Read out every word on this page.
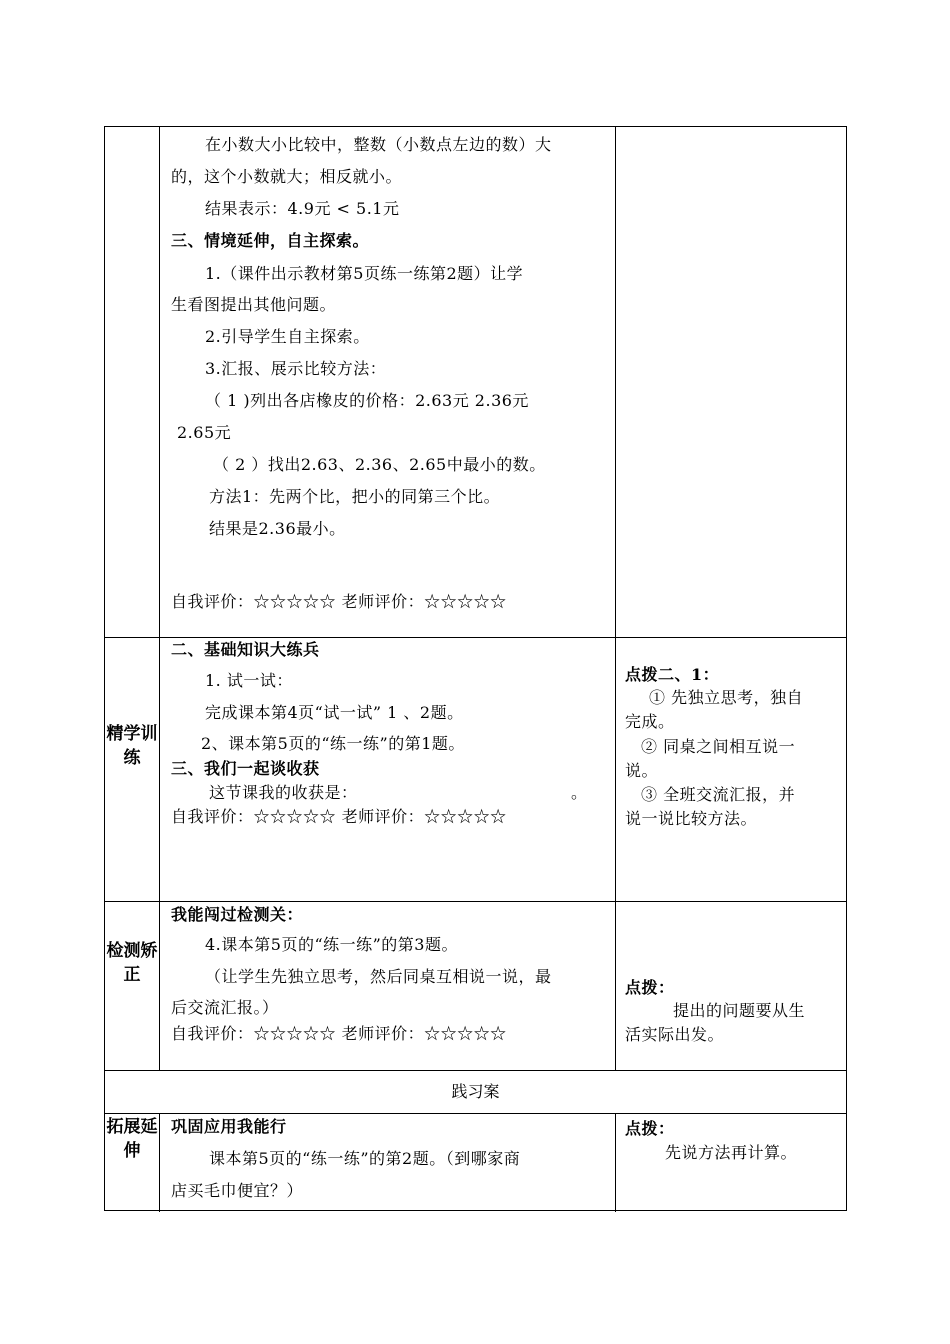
在小数大小比较中，整数（小数点左边的数）大
的，这个小数就大；相反就小。
结果表示：4.9元 < 5.1元
三、情境延伸，自主探索。
1.（课件出示教材第5页练一练第2题）让学
生看图提出其他问题。
2.引导学生自主探索。
3.汇报、展示比较方法：
（ 1 )列出各店橡皮的价格：2.63元 2.36元
2.65元
（ 2 ）找出2.63、2.36、2.65中最小的数。
方法1：先两个比，把小的同第三个比。
结果是2.36最小。
自我评价：☆☆☆☆☆ 老师评价：☆☆☆☆☆
精学训练
二、基础知识大练兵
1. 试一试：
完成课本第4页“试一试” 1 、2题。
2、课本第5页的“练一练”的第1题。
三、我们一起谈收获
这节课我的收获是：	。
自我评价：☆☆☆☆☆ 老师评价：☆☆☆☆☆
点拨二、1：
① 先独立思考，独自
完成。
② 同桌之间相互说一
说。
③ 全班交流汇报，并
说一说比较方法。
检测矫正
我能闯过检测关：
4.课本第5页的“练一练”的第3题。
（让学生先独立思考，然后同桌互相说一说，最
后交流汇报。）
自我评价：☆☆☆☆☆ 老师评价：☆☆☆☆☆
点拨：
提出的问题要从生
活实际出发。
践习案
拓展延伸
巩固应用我能行
课本第5页的“练一练”的第2题。（到哪家商
店买毛巾便宜？）
点拨：
先说方法再计算。
